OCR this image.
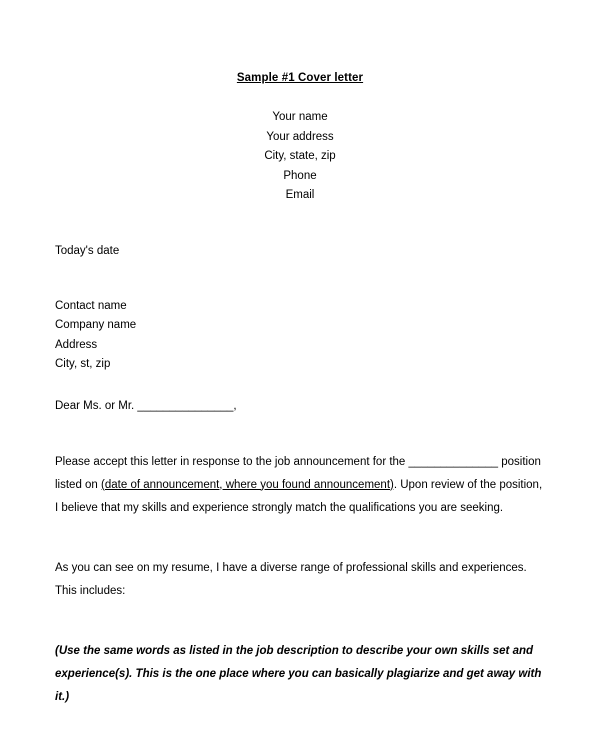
Sample #1 Cover letter
Your name
Your address
City, state, zip
Phone
Email
Today's date
Contact name
Company name
Address
City, st, zip
Dear Ms. or Mr. _______________,
Please accept this letter in response to the job announcement for the ______________ position listed on (date of announcement, where you found announcement). Upon review of the position, I believe that my skills and experience strongly match the qualifications you are seeking.
As you can see on my resume, I have a diverse range of professional skills and experiences. This includes:
(Use the same words as listed in the job description to describe your own skills set and experience(s). This is the one place where you can basically plagiarize and get away with it.)
